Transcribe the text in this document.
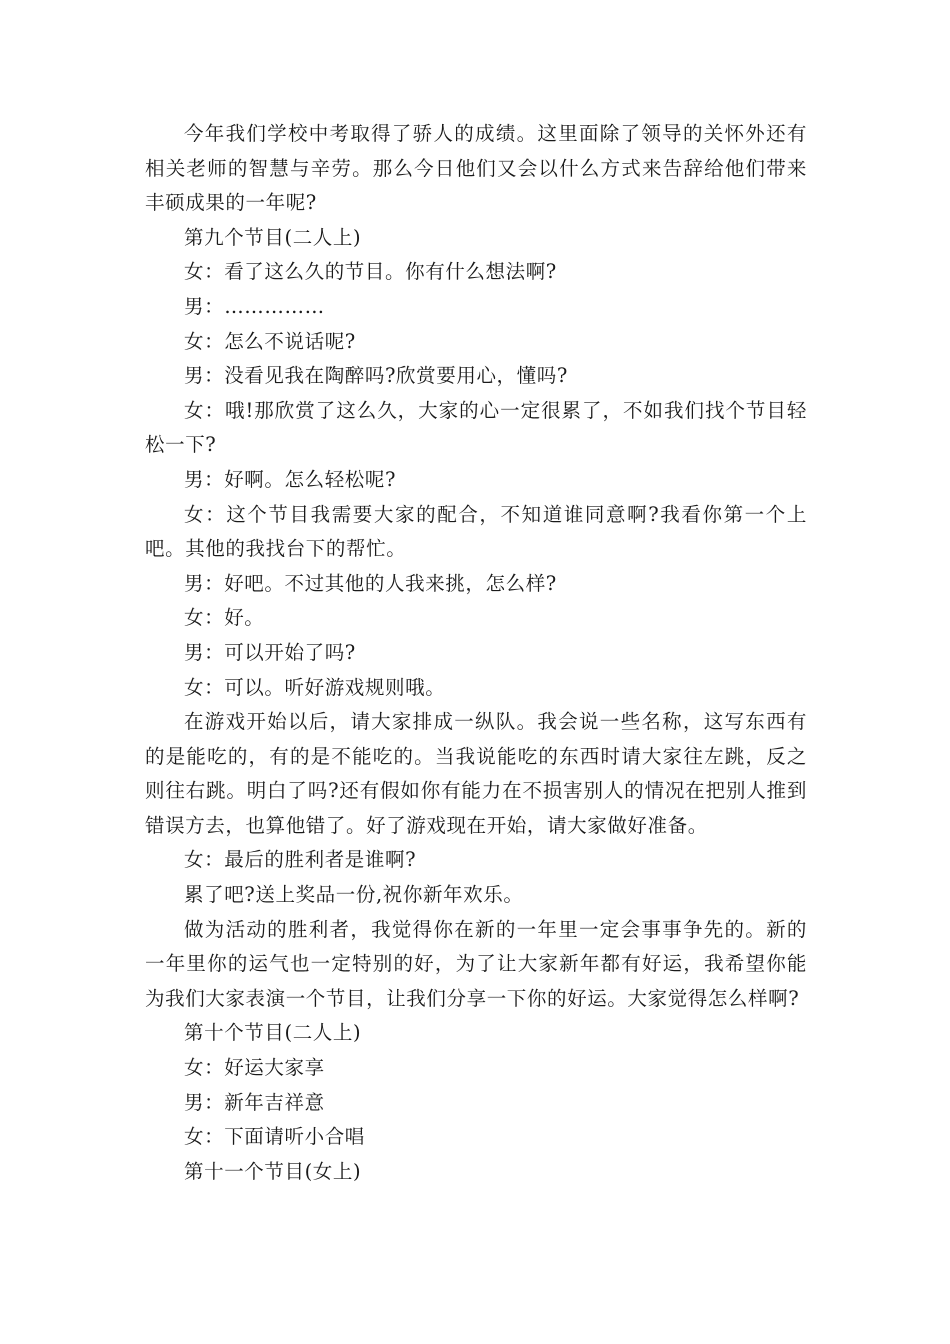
今年我们学校中考取得了骄人的成绩。这里面除了领导的关怀外还有相关老师的智慧与辛劳。那么今日他们又会以什么方式来告辞给他们带来丰硕成果的一年呢?

第九个节目(二人上)

女：看了这么久的节目。你有什么想法啊?

男：……………

女：怎么不说话呢?

男：没看见我在陶醉吗?欣赏要用心，懂吗?

女：哦!那欣赏了这么久，大家的心一定很累了，不如我们找个节目轻松一下?

男：好啊。怎么轻松呢?

女：这个节目我需要大家的配合，不知道谁同意啊?我看你第一个上吧。其他的我找台下的帮忙。

男：好吧。不过其他的人我来挑，怎么样?

女：好。

男：可以开始了吗?

女：可以。听好游戏规则哦。

在游戏开始以后，请大家排成一纵队。我会说一些名称，这写东西有的是能吃的，有的是不能吃的。当我说能吃的东西时请大家往左跳，反之则往右跳。明白了吗?还有假如你有能力在不损害别人的情况在把别人推到错误方去，也算他错了。好了游戏现在开始，请大家做好准备。

女：最后的胜利者是谁啊?

累了吧?送上奖品一份,祝你新年欢乐。

做为活动的胜利者，我觉得你在新的一年里一定会事事争先的。新的一年里你的运气也一定特别的好，为了让大家新年都有好运，我希望你能为我们大家表演一个节目，让我们分享一下你的好运。大家觉得怎么样啊?

第十个节目(二人上)

女：好运大家享

男：新年吉祥意

女：下面请听小合唱

第十一个节目(女上)
